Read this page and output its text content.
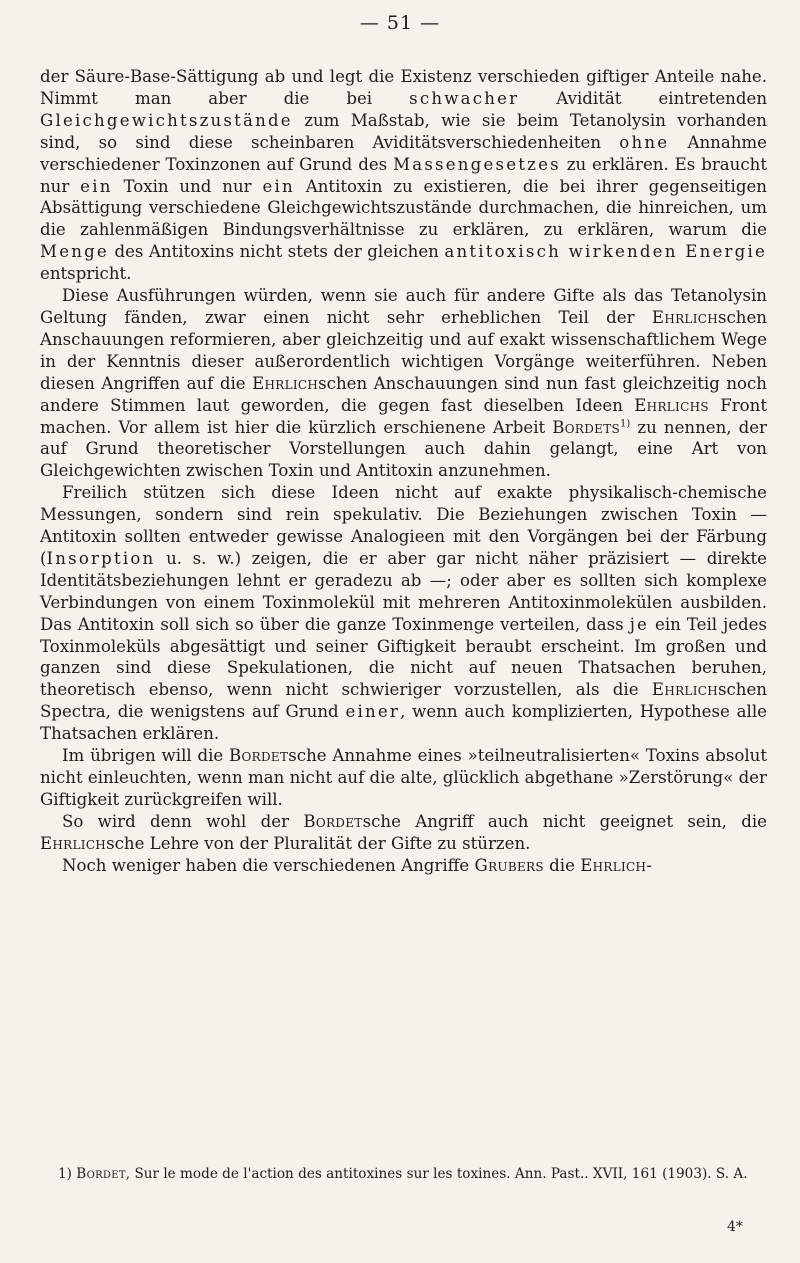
— 51 —

der Säure-Base-Sättigung ab und legt die Existenz verschieden giftiger Anteile nahe. Nimmt man aber die bei schwacher Avidität eintretenden Gleichgewichtszustände zum Maßstab, wie sie beim Tetanolysin vorhanden sind, so sind diese scheinbaren Aviditätsverschiedenheiten ohne Annahme verschiedener Toxinzonen auf Grund des Massengesetzes zu erklären. Es braucht nur ein Toxin und nur ein Antitoxin zu existieren, die bei ihrer gegenseitigen Absättigung verschiedene Gleichgewichtszustände durchmachen, die hinreichen, um die zahlenmäßigen Bindungsverhältnisse zu erklären, zu erklären, warum die Menge des Antitoxins nicht stets der gleichen antitoxisch wirkenden Energie entspricht.

Diese Ausführungen würden, wenn sie auch für andere Gifte als das Tetanolysin Geltung fänden, zwar einen nicht sehr erheblichen Teil der Ehrlichschen Anschauungen reformieren, aber gleichzeitig und auf exakt wissenschaftlichem Wege in der Kenntnis dieser außerordentlich wichtigen Vorgänge weiterführen. Neben diesen Angriffen auf die Ehrlichschen Anschauungen sind nun fast gleichzeitig noch andere Stimmen laut geworden, die gegen fast dieselben Ideen Ehrlichs Front machen. Vor allem ist hier die kürzlich erschienene Arbeit Bordets$^{1)}$ zu nennen, der auf Grund theoretischer Vorstellungen auch dahin gelangt, eine Art von Gleichgewichten zwischen Toxin und Antitoxin anzunehmen.

Freilich stützen sich diese Ideen nicht auf exakte physikalisch-chemische Messungen, sondern sind rein spekulativ. Die Beziehungen zwischen Toxin — Antitoxin sollten entweder gewisse Analogieen mit den Vorgängen bei der Färbung (Insorption u. s. w.) zeigen, die er aber gar nicht näher präzisiert — direkte Identitätsbeziehungen lehnt er geradezu ab —; oder aber es sollten sich komplexe Verbindungen von einem Toxinmolekül mit mehreren Antitoxinmolekülen ausbilden. Das Antitoxin soll sich so über die ganze Toxinmenge verteilen, dass je ein Teil jedes Toxinmoleküls abgesättigt und seiner Giftigkeit beraubt erscheint. Im großen und ganzen sind diese Spekulationen, die nicht auf neuen Thatsachen beruhen, theoretisch ebenso, wenn nicht schwieriger vorzustellen, als die Ehrlichschen Spectra, die wenigstens auf Grund einer, wenn auch komplizierten, Hypothese alle Thatsachen erklären.

Im übrigen will die Bordetsche Annahme eines »teilneutralisierten« Toxins absolut nicht einleuchten, wenn man nicht auf die alte, glücklich abgethane »Zerstörung« der Giftigkeit zurückgreifen will.

So wird denn wohl der Bordetsche Angriff auch nicht geeignet sein, die Ehrlichsche Lehre von der Pluralität der Gifte zu stürzen.

Noch weniger haben die verschiedenen Angriffe Grubers die Ehrlich-

1) Bordet, Sur le mode de l'action des antitoxines sur les toxines. Ann. Past.. XVII, 161 (1903). S. A.

4*
